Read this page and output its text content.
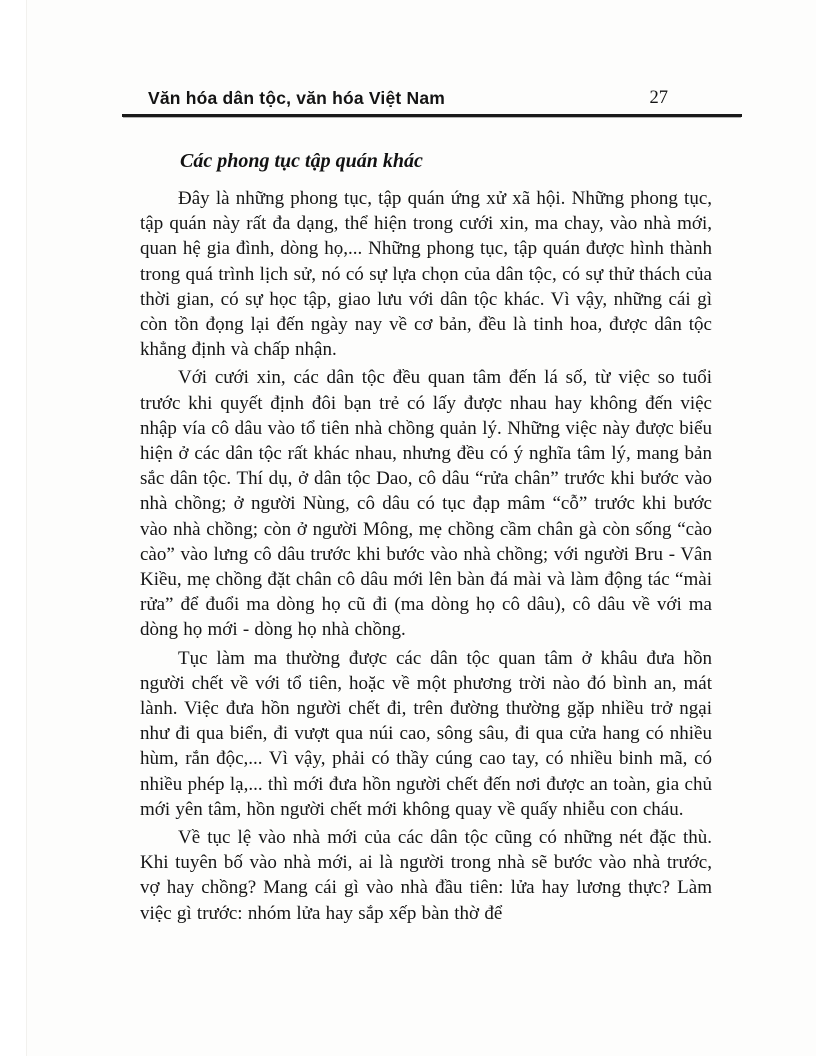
Văn hóa dân tộc, văn hóa Việt Nam	27
Các phong tục tập quán khác

Đây là những phong tục, tập quán ứng xử xã hội. Những phong tục, tập quán này rất đa dạng, thể hiện trong cưới xin, ma chay, vào nhà mới, quan hệ gia đình, dòng họ,... Những phong tục, tập quán được hình thành trong quá trình lịch sử, nó có sự lựa chọn của dân tộc, có sự thử thách của thời gian, có sự học tập, giao lưu với dân tộc khác. Vì vậy, những cái gì còn tồn đọng lại đến ngày nay về cơ bản, đều là tinh hoa, được dân tộc khẳng định và chấp nhận.

Với cưới xin, các dân tộc đều quan tâm đến lá số, từ việc so tuổi trước khi quyết định đôi bạn trẻ có lấy được nhau hay không đến việc nhập vía cô dâu vào tổ tiên nhà chồng quản lý. Những việc này được biểu hiện ở các dân tộc rất khác nhau, nhưng đều có ý nghĩa tâm lý, mang bản sắc dân tộc. Thí dụ, ở dân tộc Dao, cô dâu “rửa chân” trước khi bước vào nhà chồng; ở người Nùng, cô dâu có tục đạp mâm “cỗ” trước khi bước vào nhà chồng; còn ở người Mông, mẹ chồng cầm chân gà còn sống “cào cào” vào lưng cô dâu trước khi bước vào nhà chồng; với người Bru - Vân Kiều, mẹ chồng đặt chân cô dâu mới lên bàn đá mài và làm động tác “mài rửa” để đuổi ma dòng họ cũ đi (ma dòng họ cô dâu), cô dâu về với ma dòng họ mới - dòng họ nhà chồng.

Tục làm ma thường được các dân tộc quan tâm ở khâu đưa hồn người chết về với tổ tiên, hoặc về một phương trời nào đó bình an, mát lành. Việc đưa hồn người chết đi, trên đường thường gặp nhiều trở ngại như đi qua biển, đi vượt qua núi cao, sông sâu, đi qua cửa hang có nhiều hùm, rắn độc,... Vì vậy, phải có thầy cúng cao tay, có nhiều binh mã, có nhiều phép lạ,... thì mới đưa hồn người chết đến nơi được an toàn, gia chủ mới yên tâm, hồn người chết mới không quay về quấy nhiễu con cháu.

Về tục lệ vào nhà mới của các dân tộc cũng có những nét đặc thù. Khi tuyên bố vào nhà mới, ai là người trong nhà sẽ bước vào nhà trước, vợ hay chồng? Mang cái gì vào nhà đầu tiên: lửa hay lương thực? Làm việc gì trước: nhóm lửa hay sắp xếp bàn thờ để
